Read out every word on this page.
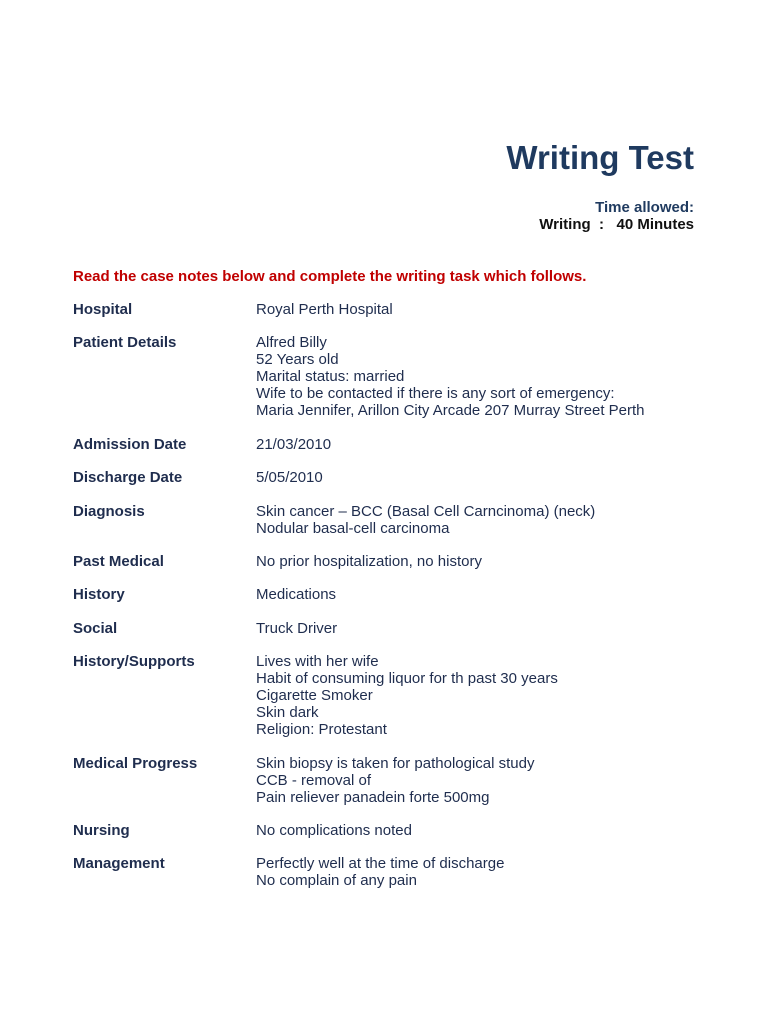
Writing Test
Time allowed:
Writing  :   40 Minutes
Read the case notes below and complete the writing task which follows.
Hospital	Royal Perth Hospital
Patient Details	Alfred Billy
52 Years old
Marital status: married
Wife to be contacted if there is any sort of emergency:
Maria Jennifer, Arillon City Arcade 207 Murray Street Perth
Admission Date	21/03/2010
Discharge Date	5/05/2010
Diagnosis	Skin cancer – BCC (Basal Cell Carncinoma) (neck)
Nodular basal-cell carcinoma
Past Medical	No prior hospitalization, no history
History	Medications
Social	Truck Driver
History/Supports	Lives with her wife
Habit of consuming liquor for th past 30 years
Cigarette Smoker
Skin dark
Religion: Protestant
Medical Progress	Skin biopsy is taken for pathological study
CCB - removal of
Pain reliever panadein forte 500mg
Nursing	No complications noted
Management	Perfectly well at the time of discharge
No complain of any pain
